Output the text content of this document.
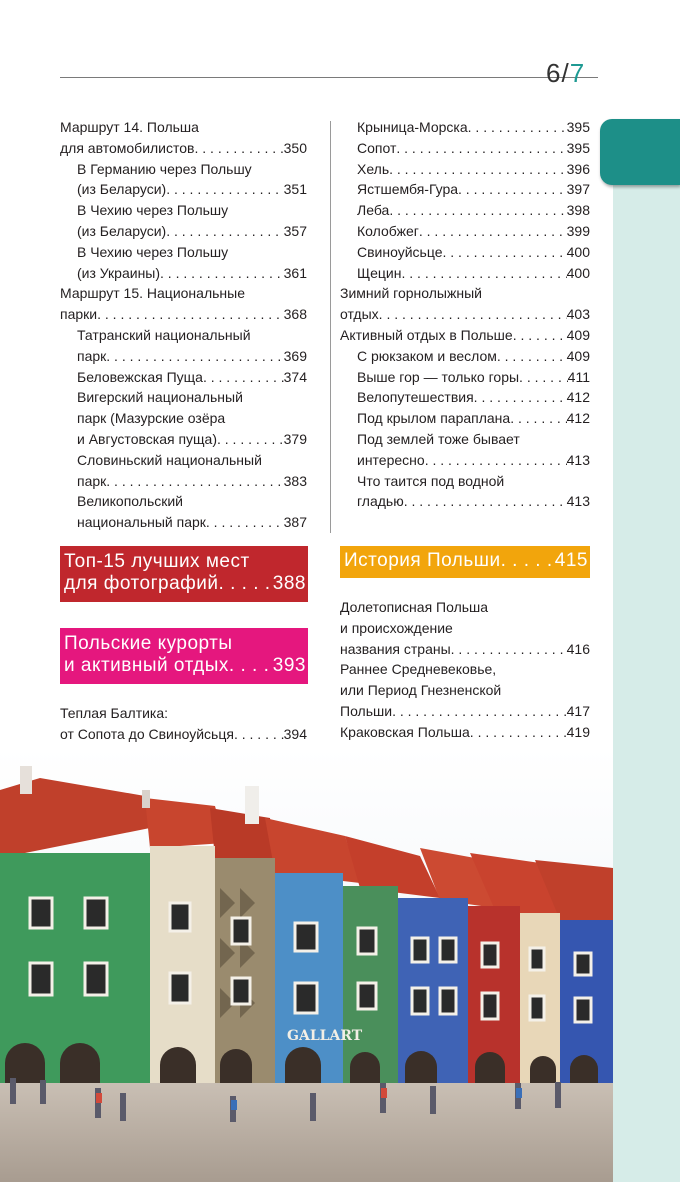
6/7
Маршрут 14. Польша
для автомобилистов . . .	350
В Германию через Польшу
(из Беларуси) . . .	351
В Чехию через Польшу
(из Беларуси) . . .	357
В Чехию через Польшу
(из Украины) . . .	361
Маршрут 15. Национальные
парки . . .	368
Татранский национальный
парк . . .	369
Беловежская Пуща . . .	374
Вигерский национальный
парк (Мазурские озёра
и Августовская пуща) . . .	379
Словиньский национальный
парк . . .	383
Великопольский
национальный парк . . .	387
Топ-15 лучших мест
для фотографий . . .	388
Польские курорты
и активный отдых . . . 393
Теплая Балтика:
от Сопота до Свиноуйсьця . . .	394
Крыница-Морска . . .	395
Сопот . . .	395
Хель . . .	396
Ястшембя-Гура . . .	397
Леба . . .	398
Колобжег . . .	399
Свиноуйсьце . . .	400
Щецин . . .	400
Зимний горнолыжный
отдых . . .	403
Активный отдых в Польше . . .	409
С рюкзаком и веслом . . .	409
Выше гор — только горы . . .	411
Велопутешествия . . .	412
Под крылом параплана . . .	412
Под землей тоже бывает
интересно . . .	413
Что таится под водной
гладью . . .	413
История Польши . . .	415
Долетописная Польша
и происхождение
названия страны . . .	416
Раннее Средневековье,
или Период Гнезненской
Польши . . .	417
Краковская Польша . . .	419
GALLART
